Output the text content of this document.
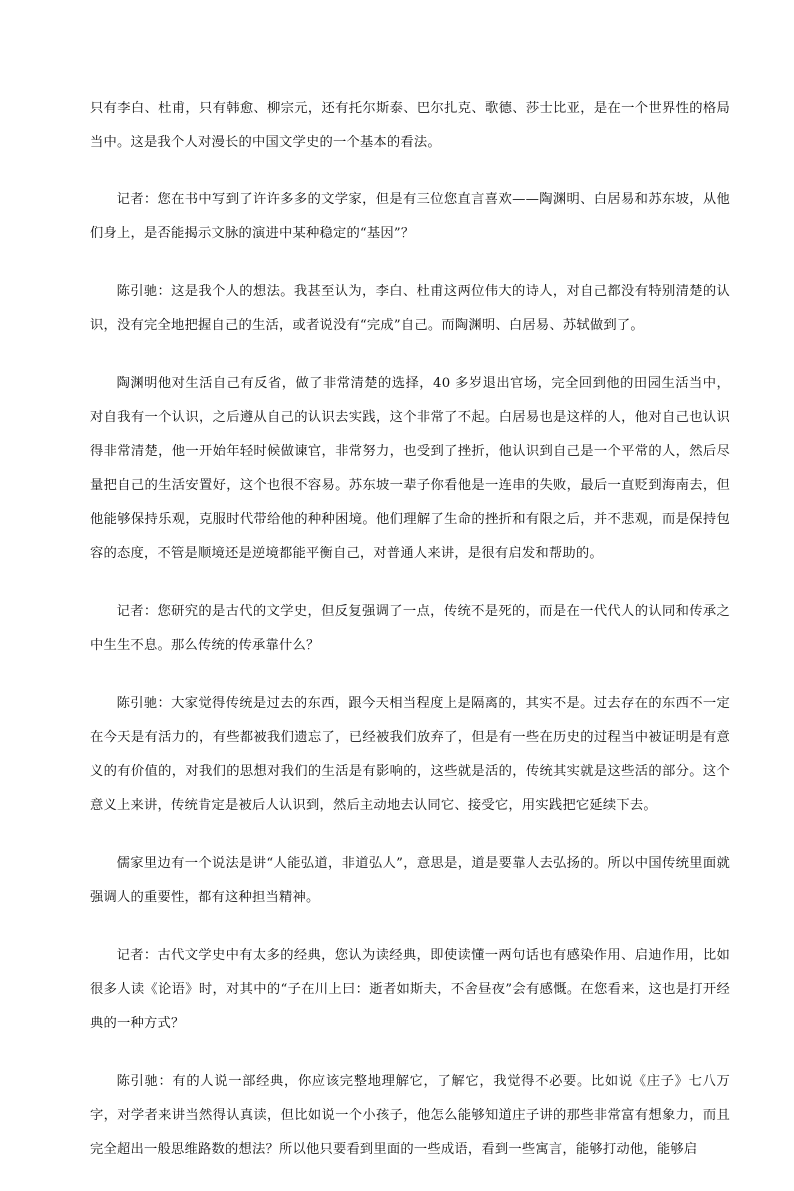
只有李白、杜甫，只有韩愈、柳宗元，还有托尔斯泰、巴尔扎克、歌德、莎士比亚，是在一个世界性的格局当中。这是我个人对漫长的中国文学史的一个基本的看法。

记者：您在书中写到了许许多多的文学家，但是有三位您直言喜欢——陶渊明、白居易和苏东坡，从他们身上，是否能揭示文脉的演进中某种稳定的“基因”？

陈引驰：这是我个人的想法。我甚至认为，李白、杜甫这两位伟大的诗人，对自己都没有特别清楚的认识，没有完全地把握自己的生活，或者说没有“完成”自己。而陶渊明、白居易、苏轼做到了。

陶渊明他对生活自己有反省，做了非常清楚的选择，40 多岁退出官场，完全回到他的田园生活当中，对自我有一个认识，之后遵从自己的认识去实践，这个非常了不起。白居易也是这样的人，他对自己也认识得非常清楚，他一开始年轻时候做谏官，非常努力，也受到了挫折，他认识到自己是一个平常的人，然后尽量把自己的生活安置好，这个也很不容易。苏东坡一辈子你看他是一连串的失败，最后一直贬到海南去，但他能够保持乐观，克服时代带给他的种种困境。他们理解了生命的挫折和有限之后，并不悲观，而是保持包容的态度，不管是顺境还是逆境都能平衡自己，对普通人来讲，是很有启发和帮助的。

记者：您研究的是古代的文学史，但反复强调了一点，传统不是死的，而是在一代代人的认同和传承之中生生不息。那么传统的传承靠什么？

陈引驰：大家觉得传统是过去的东西，跟今天相当程度上是隔离的，其实不是。过去存在的东西不一定在今天是有活力的，有些都被我们遗忘了，已经被我们放弃了，但是有一些在历史的过程当中被证明是有意义的有价值的，对我们的思想对我们的生活是有影响的，这些就是活的，传统其实就是这些活的部分。这个意义上来讲，传统肯定是被后人认识到，然后主动地去认同它、接受它，用实践把它延续下去。

儒家里边有一个说法是讲“人能弘道，非道弘人”，意思是，道是要靠人去弘扬的。所以中国传统里面就强调人的重要性，都有这种担当精神。

记者：古代文学史中有太多的经典，您认为读经典，即使读懂一两句话也有感染作用、启迪作用，比如很多人读《论语》时，对其中的“子在川上曰：逝者如斯夫，不舍昼夜”会有感慨。在您看来，这也是打开经典的一种方式？

陈引驰：有的人说一部经典，你应该完整地理解它，了解它，我觉得不必要。比如说《庄子》七八万字，对学者来讲当然得认真读，但比如说一个小孩子，他怎么能够知道庄子讲的那些非常富有想象力，而且完全超出一般思维路数的想法？所以他只要看到里面的一些成语，看到一些寓言，能够打动他，能够启
